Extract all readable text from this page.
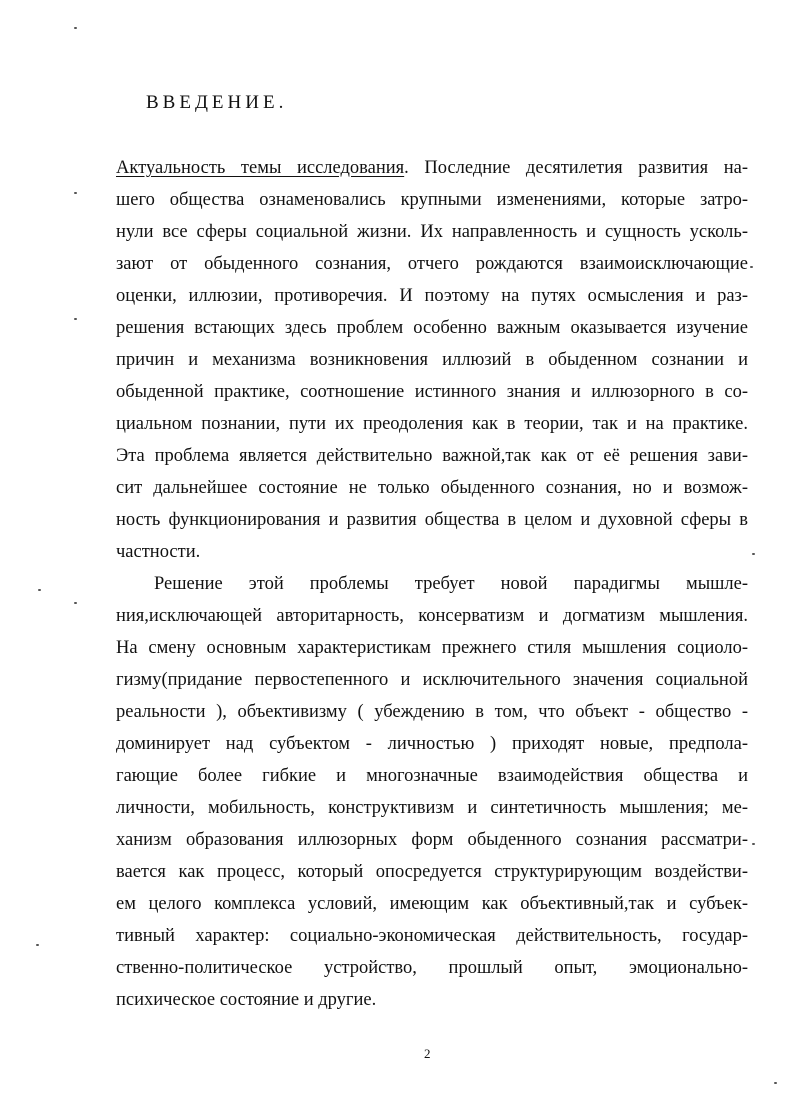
ВВЕДЕНИЕ.
Актуальность темы исследования. Последние десятилетия развития на-
шего общества ознаменовались крупными изменениями, которые затро-
нули все сферы социальной жизни. Их направленность и сущность усколь-
зают от обыденного сознания, отчего рождаются взаимоисключающие
оценки, иллюзии, противоречия. И поэтому на путях осмысления и раз-
решения встающих здесь проблем особенно важным оказывается изучение
причин и механизма возникновения иллюзий в обыденном сознании и
обыденной практике, соотношение истинного знания и иллюзорного в со-
циальном познании, пути их преодоления как в теории, так и на практике.
Эта проблема является действительно важной,так как от её решения зави-
сит дальнейшее состояние не только обыденного сознания, но и возмож-
ность функционирования и развития общества в целом и духовной сферы в
частности.
Решение этой проблемы требует новой парадигмы мышле-
ния,исключающей авторитарность, консерватизм и догматизм мышления.
На смену основным характеристикам прежнего стиля мышления социоло-
гизму(придание первостепенного и исключительного значения социальной
реальности ), объективизму ( убеждению в том, что объект - общество -
доминирует над субъектом - личностью ) приходят новые, предпола-
гающие более гибкие и многозначные взаимодействия общества и
личности, мобильность, конструктивизм и синтетичность мышления; ме-
ханизм образования иллюзорных форм обыденного сознания рассматри-
вается как процесс, который опосредуется структурирующим воздействи-
ем целого комплекса условий, имеющим как объективный,так и субъек-
тивный характер: социально-экономическая действительность, государ-
ственно-политическое устройство, прошлый опыт, эмоционально-
психическое состояние и другие.
2
